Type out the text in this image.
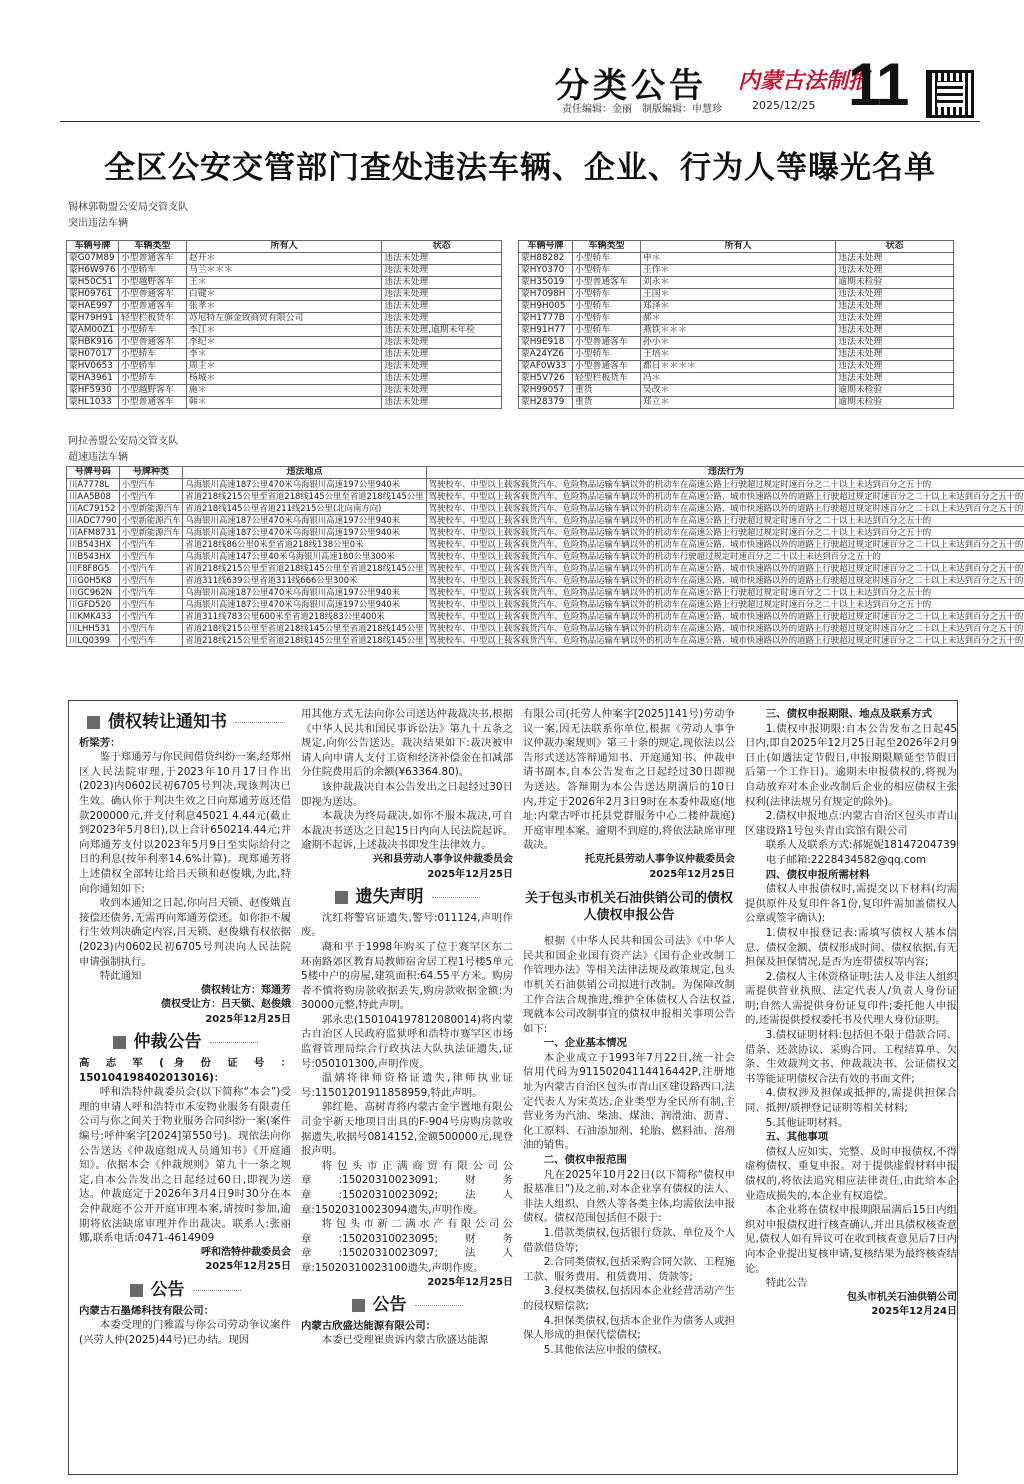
分类公告 内蒙古法制报
11
责任编辑：金丽　制版编辑：申慧珍	2025/12/25
全区公安交管部门查处违法车辆、企业、行为人等曝光名单
锡林郭勒盟公安局交管支队
突出违法车辆
车辆号牌	车辆类型	所有人	状态
蒙G07M89	小型普通客车	赵开＊	违法未处理
蒙H6W976	小型轿车	马兰＊＊＊	违法未处理
蒙H50C51	小型越野客车	王＊	违法未处理
蒙H09761	小型普通客车	白键＊	违法未处理
蒙HAE997	小型普通客车	张孝＊	违法未处理
蒙H79H91	轻型栏板货车	苏尼特左旗金致商贸有限公司	违法未处理
蒙AM00Z1	小型轿车	李江＊	违法未处理,逾期未年检
蒙HBK916	小型普通客车	李纪＊	违法未处理
蒙H07017	小型轿车	李＊	违法未处理
蒙HV0653	小型轿车	周主＊	违法未处理
蒙HA3961	小型轿车	杨城＊	违法未处理
蒙HF5930	小型越野客车	施＊	违法未处理
蒙HL1033	小型普通客车	韩＊	违法未处理
车辆号牌	车辆类型	所有人	状态
蒙H88282	小型轿车	申＊	违法未处理
蒙HY0370	小型轿车	王作＊	违法未处理
蒙H35019	小型普通客车	刘永＊	逾期未检验
蒙H7098H	小型轿车	王国＊	违法未处理
蒙H9H005	小型轿车	郑泽＊	违法未处理
蒙H1777B	小型轿车	郝＊	违法未处理
蒙H91H77	小型轿车	燕铁＊＊＊	违法未处理
蒙H9E918	小型普通客车	孙小＊	违法未处理
蒙A24YZ6	小型轿车	王培＊	违法未处理
蒙AF0W33	小型普通客车	都日＊＊＊＊	违法未处理
蒙H5V726	轻型栏板货车	冯＊	违法未处理
蒙H99057	重货	吴改＊	逾期未检验
蒙H28379	重货	郑立＊	逾期未检验
阿拉善盟公安局交管支队
超速违法车辆
号牌号码	号牌种类	违法地点	违法行为
川A7778L	小型汽车	乌海银川高速187公里470米乌海银川高速197公里940米	驾驶校车、中型以上载客载货汽车、危险物品运输车辆以外的机动车在高速公路上行驶超过规定时速百分之二十以上未达到百分之五十的
川AA5B08	小型汽车	省道218线215公里至省道218线145公里至省道218线145公里	驾驶校车、中型以上载客载货汽车、危险物品运输车辆以外的机动车在高速公路、城市快速路以外的道路上行驶超过规定时速百分之二十以上未达到百分之五十的
川AC79152	小型新能源汽车	省道218线145公里省道211线215公里(北向南方向)	驾驶校车、中型以上载客载货汽车、危险物品运输车辆以外的机动车在高速公路、城市快速路以外的道路上行驶超过规定时速百分之二十以上未达到百分之五十的
川ADC7790	小型新能源汽车	乌海银川高速187公里470米乌海银川高速197公里940米	驾驶校车、中型以上载客载货汽车、危险物品运输车辆以外的机动车在高速公路上行驶超过规定时速百分之二十以上未达到百分之五十的
川AFM8731	小型新能源汽车	乌海银川高速187公里470米乌海银川高速197公里940米	驾驶校车、中型以上载客载货汽车、危险物品运输车辆以外的机动车在高速公路上行驶超过规定时速百分之二十以上未达到百分之五十的
川B543HX	小型汽车	省道218线86公里0米至省道218线138公里0米	驾驶校车、中型以上载客载货汽车、危险物品运输车辆以外的机动车在高速公路、城市快速路以外的道路上行驶超过规定时速百分之二十以上未达到百分之五十的
川B543HX	小型汽车	乌海银川高速147公里40米乌海银川高速180公里300米	驾驶校车、中型以上载客载货汽车、危险物品运输车辆以外的机动车行驶超过规定时速百分之二十以上未达到百分之五十的
川F8F8G5	小型汽车	省道218线215公里至省道218线145公里至省道218线145公里	驾驶校车、中型以上载客载货汽车、危险物品运输车辆以外的机动车在高速公路、城市快速路以外的道路上行驶超过规定时速百分之二十以上未达到百分之五十的
川G0H5K8	小型汽车	省道311线639公里省道311线666公里300米	驾驶校车、中型以上载客载货汽车、危险物品运输车辆以外的机动车在高速公路、城市快速路以外的道路上行驶超过规定时速百分之二十以上未达到百分之五十的
川GC962N	小型汽车	乌海银川高速187公里470米乌海银川高速197公里940米	驾驶校车、中型以上载客载货汽车、危险物品运输车辆以外的机动车在高速公路上行驶超过规定时速百分之二十以上未达到百分之五十的
川GFD520	小型汽车	乌海银川高速187公里470米乌海银川高速197公里940米	驾驶校车、中型以上载客载货汽车、危险物品运输车辆以外的机动车在高速公路上行驶超过规定时速百分之二十以上未达到百分之五十的
川KMK433	小型汽车	省道311线783公里600米至省道218线83公里400米	驾驶校车、中型以上载客载货汽车、危险物品运输车辆以外的机动车在高速公路、城市快速路以外的道路上行驶超过规定时速百分之二十以上未达到百分之五十的
川LHH531	小型汽车	省道218线215公里至省道218线145公里至省道218线145公里	驾驶校车、中型以上载客载货汽车、危险物品运输车辆以外的机动车在高速公路、城市快速路以外的道路上行驶超过规定时速百分之二十以上未达到百分之五十的
川LQ0399	小型汽车	省道218线215公里至省道218线145公里至省道218线145公里	驾驶校车、中型以上载客载货汽车、危险物品运输车辆以外的机动车在高速公路、城市快速路以外的道路上行驶超过规定时速百分之二十以上未达到百分之五十的
债权转让通知书

析梁芳：

鉴于郑通芳与你民间借贷纠纷一案,经郑州区人民法院审理,于2023年10月17日作出(2023)内0602民初6705号判决,现该判决已生效。确认你于判决生效之日向郑通芳返还借款200000元,并支付利息45021 4.44元(截止到2023年5月8日),以上合计650214.44元;并向郑通芳支付以2023年5月9日至实际给付之日的利息(按年利率14.6%计算)。现郑通芳将上述债权全部转让给吕天锁和赵俊娥,为此,特向你通知如下:

收到本通知之日起,你向吕天锁、赵俊娥直接偿还债务,无需再向郑通芳偿还。如你拒不履行生效判决确定内容,吕天锁、赵俊娥有权依据(2023)内0602民初6705号判决向人民法院申请强制执行。

特此通知

债权转让方：郑通芳

债权受让方：吕天锁、赵俊娥

2025年12月25日

仲裁公告

高 志 军 ( 身 份 证 号 ：150104198402013016)：

呼和浩特仲裁委员会(以下简称“本会”)受理的申请人呼和浩特市禾安物业服务有限责任公司与你之间关于物业服务合同纠纷一案(案件编号:呼仲案字[2024]第550号)。现依法向你公告送达《仲裁庭组成人员通知书》《开庭通知》。依据本会《仲裁规则》第九十一条之规定,自本公告发出之日起经过60日,即视为送达。仲裁庭定于2026年3月4日9时30分在本会仲裁庭不公开开庭审理本案,请按时参加,逾期将依法缺席审理并作出裁决。联系人:张丽娜,联系电话:0471-4614909

呼和浩特仲裁委员会

2025年12月25日

公告

内蒙古石墨烯科技有限公司：

本委受理的门雅霞与你公司劳动争议案件(兴劳人仲(2025)44号)已办结。现因

用其他方式无法向你公司送达仲裁裁决书,根据《中华人民共和国民事诉讼法》第九十五条之规定,向你公告送达。裁决结果如下:裁决被申请人向申请人支付工资和经济补偿金在扣减部分住院费用后的余额(¥63364.80)。

该仲裁裁决自本公告发出之日起经过30日即视为送达。

本裁决为终局裁决,如你不服本裁决,可自本裁决书送达之日起15日内向人民法院起诉。逾期不起诉,上述裁决书即发生法律效力。

兴和县劳动人事争议仲裁委员会

2025年12月25日

遗失声明

沈红将警官证遗失,警号:011124,声明作废。

裔和平于1998年购买了位于赛罕区东二环南路郊区教育局教师宿舍居工程1号楼5单元5楼中户的房屋,建筑面积:64.55平方米。购房者不慎将购房款收据丢失,购房款收据金额:为30000元整,特此声明。

郭永忠(150104197812080014)将内蒙古自治区人民政府监狱呼和浩特市赛罕区市场监督管理局综合行政执法大队执法证遗失,证号:050101300,声明作废。

温婧将律师资格证遗失,律师执业证号:11501201911858959,特此声明。

郭红艳、高树青将内蒙古金宇置地有限公司金宇新天地项目出具的F-904号房购房款收据遗失,收据号0814152,金额500000元,现登报声明。

将包头市正满商贸有限公司公章:15020310023091;财务章:15020310023092;法人章:15020310023094遗失,声明作废。

将包头市新二满水产有限公司公章:15020310023095;财务章:15020310023097;法人章:15020310023100遗失,声明作废。

2025年12月25日

公告

内蒙古欣盛达能源有限公司：

本委已受理崔贵诉内蒙古欣盛达能源

有限公司(托劳人仲案字[2025]141号)劳动争议一案,因无法联系你单位,根据《劳动人事争议仲裁办案规则》第三十条的规定,现依法以公告形式送达答辩通知书、开庭通知书、仲裁申请书副本,自本公告发布之日起经过30日即视为送达。答辩期为本公告送达期满后的10日内,并定于2026年2月3日9时在本委仲裁庭(地址:内蒙古呼市托县党群服务中心二楼仲裁庭)开庭审理本案。逾期不到庭的,将依法缺席审理裁决。

托克托县劳动人事争议仲裁委员会

2025年12月25日

关于包头市机关石油供销公司的债权人债权申报公告

根据《中华人民共和国公司法》《中华人民共和国企业国有资产法》《国有企业改制工作管理办法》等相关法律法规及政策规定,包头市机关石油供销公司拟进行改制。为保障改制工作合法合规推进,维护全体债权人合法权益,现就本公司改制事宜的债权申报相关事项公告如下:

一、企业基本情况

本企业成立于1993年7月22日,统一社会信用代码为91150204114416442P,注册地址为内蒙古自治区包头市青山区建设路西口,法定代表人为宋英达,企业类型为全民所有制,主营业务为汽油、柴油、煤油、润滑油、沥青、化工原料、石油添加剂、轮胎、燃料油、溶剂油的销售。

二、债权申报范围

凡在2025年10月22日(以下简称“债权申报基准日”)及之前,对本企业享有债权的法人、非法人组织、自然人等各类主体,均需依法申报债权。债权范围包括但不限于:

1.借款类债权,包括银行贷款、单位及个人借款借贷等;

2.合同类债权,包括采购合同欠款、工程施工款、服务费用、租赁费用、货款等;

3.侵权类债权,包括因本企业经营活动产生的侵权赔偿款;

4.担保类债权,包括本企业作为债务人或担保人形成的担保代偿债权;

5.其他依法应申报的债权。

三、债权申报期限、地点及联系方式

1.债权申报期限:自本公告发布之日起45日内,即自2025年12月25日起至2026年2月9日止(如遇法定节假日,申报期限顺延至节假日后第一个工作日)。逾期未申报债权的,将视为自动放弃对本企业改制后企业的相应债权主张权利(法律法规另有规定的除外)。

2.债权申报地点:内蒙古自治区包头市青山区建设路1号包头青山宾馆有限公司

联系人及联系方式:郝妮妮18147204739

电子邮箱:2228434582@qq.com

四、债权申报所需材料

债权人申报债权时,需提交以下材料(均需提供原件及复印件各1份,复印件需加盖债权人公章或签字确认):

1.债权申报登记表:需填写债权人基本信息、债权金额、债权形成时间、债权依据,有无担保及担保情况,是否为连带债权等内容;

2.债权人主体资格证明:法人及非法人组织需提供营业执照、法定代表人/负责人身份证明;自然人需提供身份证复印件;委托他人申报的,还需提供授权委托书及代理人身份证明。

3.债权证明材料:包括但不限于借款合同、借条、还款协议、采购合同、工程结算单、欠条、生效裁判文书、仲裁裁决书、公证债权文书等能证明债权合法有效的书面文件;

4.债权涉及担保或抵押的,需提供担保合同、抵押/质押登记证明等相关材料;

5.其他证明材料。

五、其他事项

债权人应如实、完整、及时申报债权,不得虚构债权、重复申报。对于提供虚假材料申报债权的,将依法追究相应法律责任,由此给本企业造成损失的,本企业有权追偿。

本企业将在债权申报期限届满后15日内组织对申报债权进行核查确认,并出具债权核查意见,债权人如有异议可在收到核查意见后7日内向本企业提出复核申请,复核结果为最终核查结论。

特此公告

包头市机关石油供销公司

2025年12月24日
